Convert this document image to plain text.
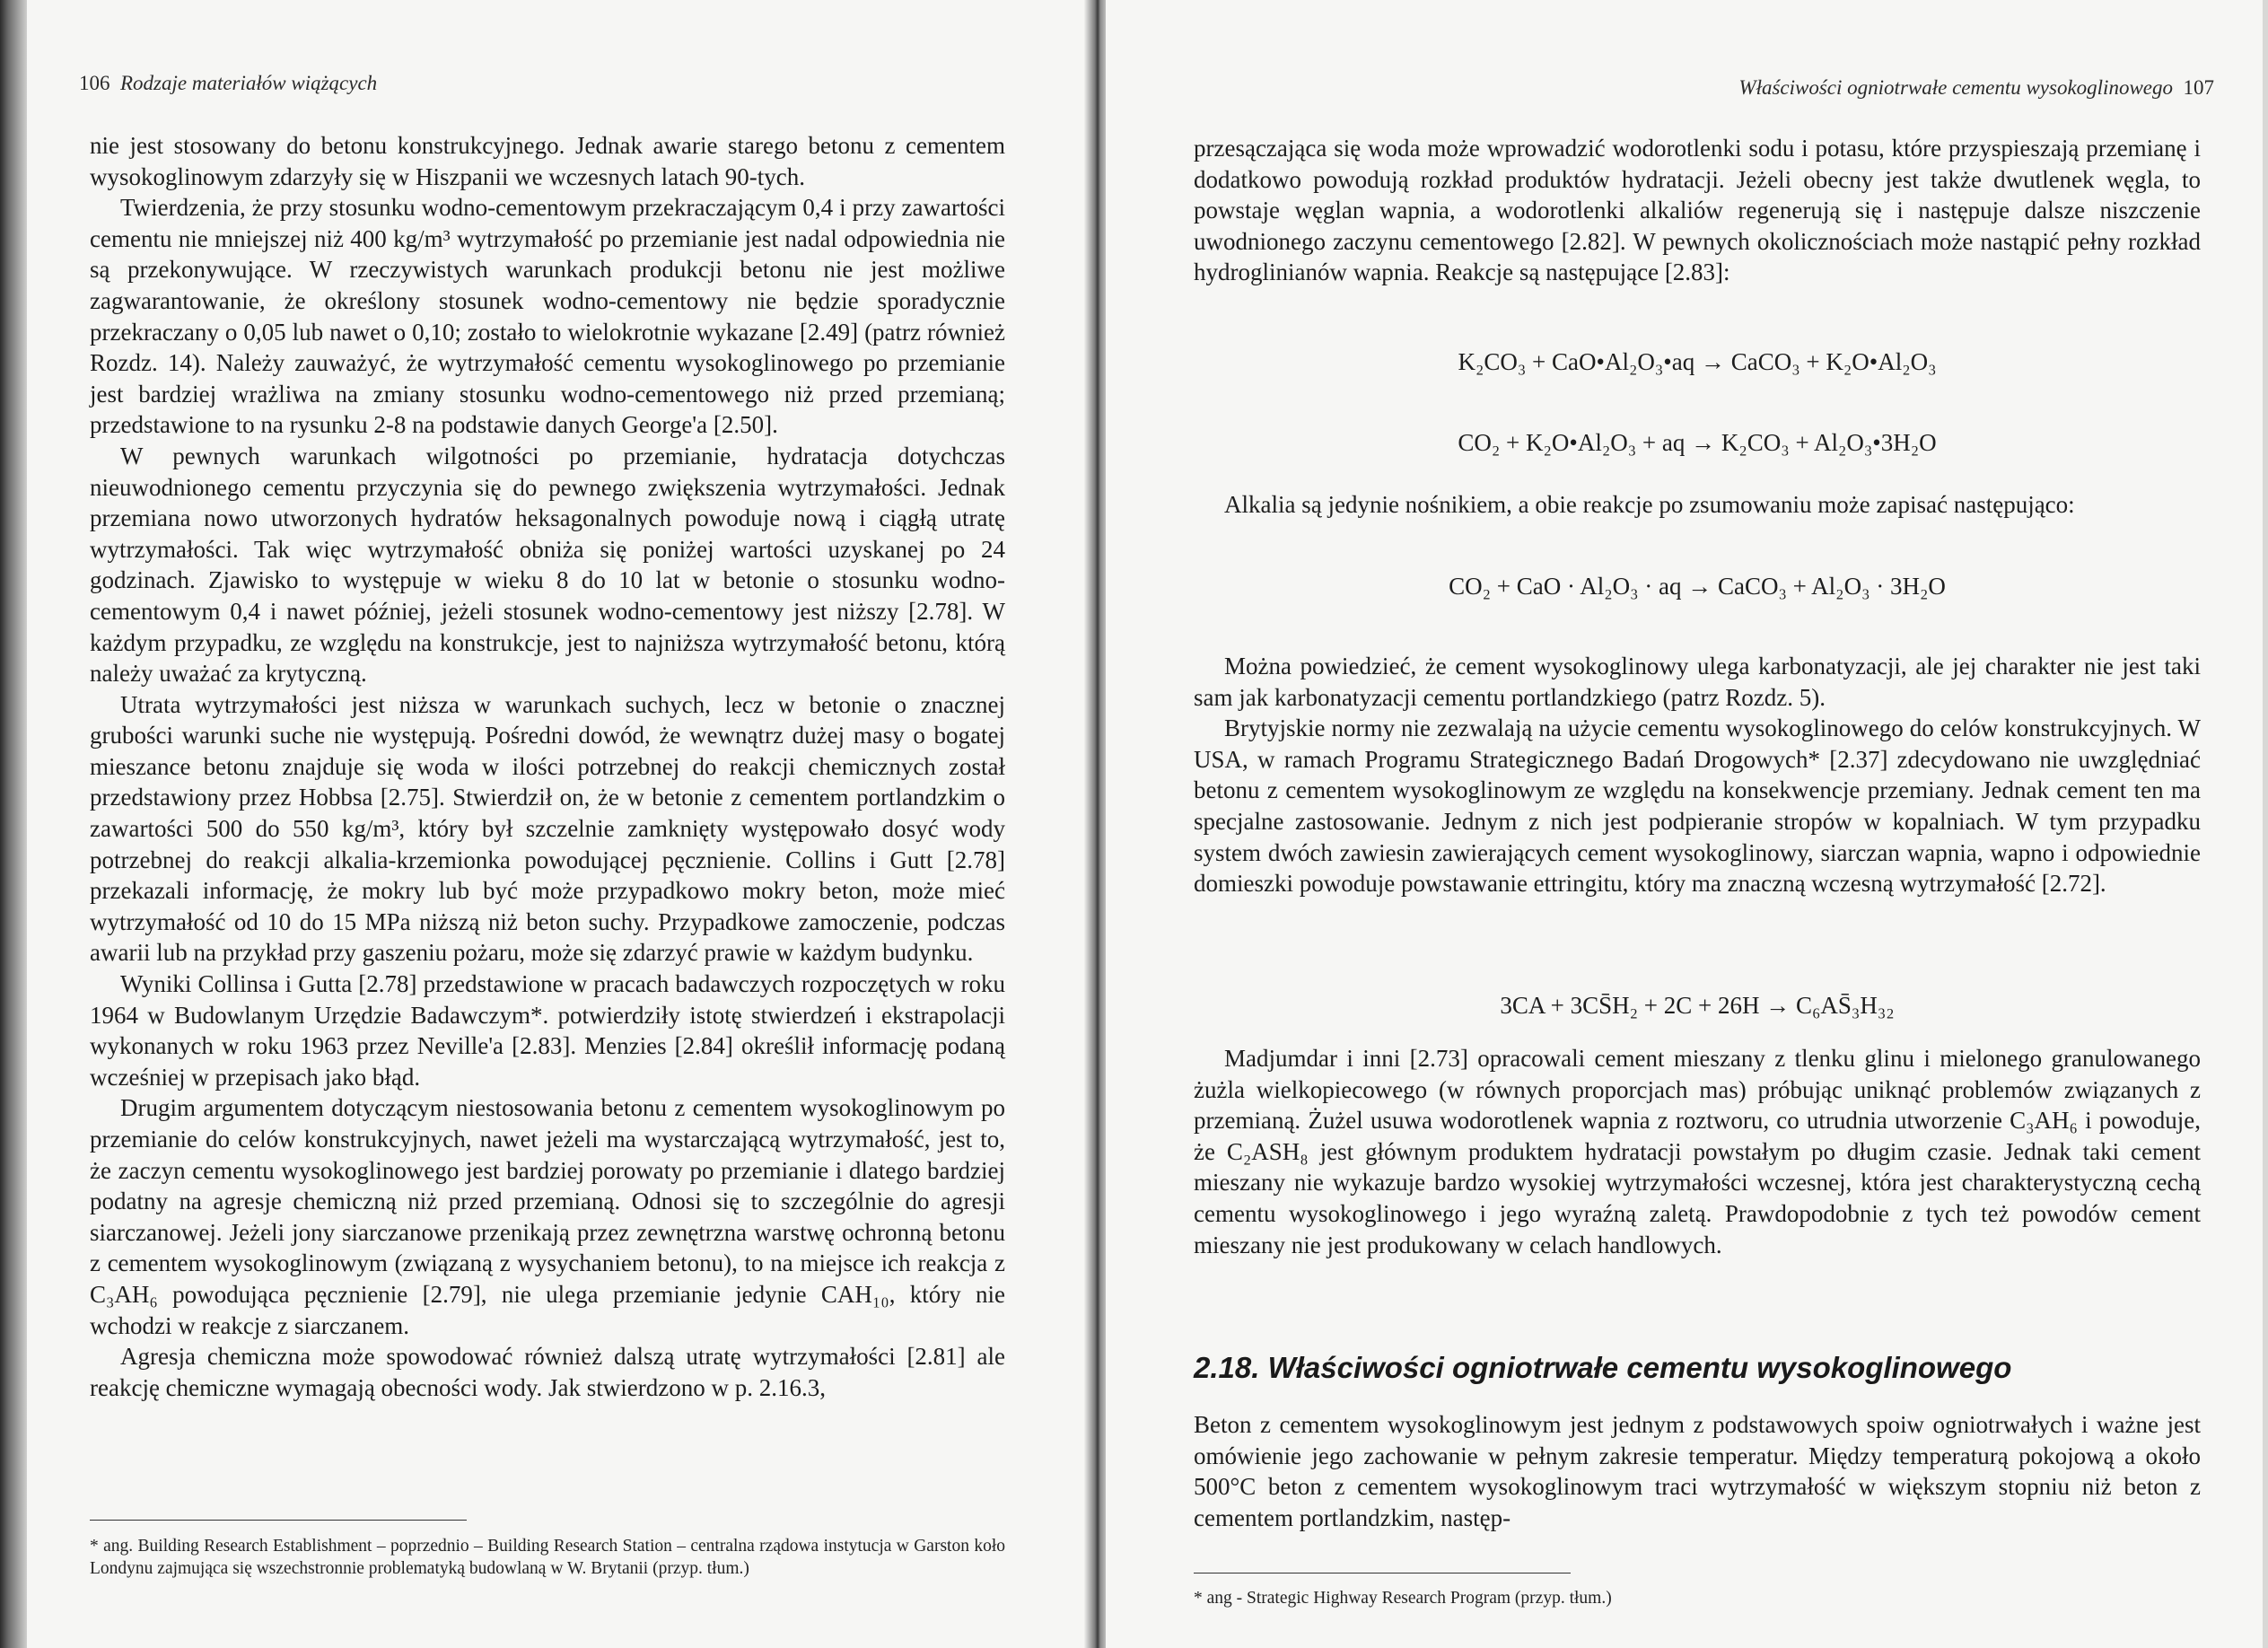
106 Rodzaje materiałów wiążących

nie jest stosowany do betonu konstrukcyjnego. Jednak awarie starego betonu z cementem wysokoglinowym zdarzyły się w Hiszpanii we wczesnych latach 90-tych.

Twierdzenia, że przy stosunku wodno-cementowym przekraczającym 0,4 i przy zawartości cementu nie mniejszej niż 400 kg/m³ wytrzymałość po przemianie jest nadal odpowiednia nie są przekonywujące. W rzeczywistych warunkach produkcji betonu nie jest możliwe zagwarantowanie, że określony stosunek wodno-cementowy nie będzie sporadycznie przekraczany o 0,05 lub nawet o 0,10; zostało to wielokrotnie wykazane [2.49] (patrz również Rozdz. 14). Należy zauważyć, że wytrzymałość cementu wysokoglinowego po przemianie jest bardziej wrażliwa na zmiany stosunku wodno-cementowego niż przed przemianą; przedstawione to na rysunku 2-8 na podstawie danych George'a [2.50].

W pewnych warunkach wilgotności po przemianie, hydratacja dotychczas nieuwodnionego cementu przyczynia się do pewnego zwiększenia wytrzymałości. Jednak przemiana nowo utworzonych hydratów heksagonalnych powoduje nową i ciągłą utratę wytrzymałości. Tak więc wytrzymałość obniża się poniżej wartości uzyskanej po 24 godzinach. Zjawisko to występuje w wieku 8 do 10 lat w betonie o stosunku wodno-cementowym 0,4 i nawet później, jeżeli stosunek wodno-cementowy jest niższy [2.78]. W każdym przypadku, ze względu na konstrukcje, jest to najniższa wytrzymałość betonu, którą należy uważać za krytyczną.

Utrata wytrzymałości jest niższa w warunkach suchych, lecz w betonie o znacznej grubości warunki suche nie występują. Pośredni dowód, że wewnątrz dużej masy o bogatej mieszance betonu znajduje się woda w ilości potrzebnej do reakcji chemicznych został przedstawiony przez Hobbsa [2.75]. Stwierdził on, że w betonie z cementem portlandzkim o zawartości 500 do 550 kg/m³, który był szczelnie zamknięty występowało dosyć wody potrzebnej do reakcji alkalia-krzemionka powodującej pęcznienie. Collins i Gutt [2.78] przekazali informację, że mokry lub być może przypadkowo mokry beton, może mieć wytrzymałość od 10 do 15 MPa niższą niż beton suchy. Przypadkowe zamoczenie, podczas awarii lub na przykład przy gaszeniu pożaru, może się zdarzyć prawie w każdym budynku.

Wyniki Collinsa i Gutta [2.78] przedstawione w pracach badawczych rozpoczętych w roku 1964 w Budowlanym Urzędzie Badawczym*. potwierdziły istotę stwierdzeń i ekstrapolacji wykonanych w roku 1963 przez Neville'a [2.83]. Menzies [2.84] określił informację podaną wcześniej w przepisach jako błąd.

Drugim argumentem dotyczącym niestosowania betonu z cementem wysokoglinowym po przemianie do celów konstrukcyjnych, nawet jeżeli ma wystarczającą wytrzymałość, jest to, że zaczyn cementu wysokoglinowego jest bardziej porowaty po przemianie i dlatego bardziej podatny na agresje chemiczną niż przed przemianą. Odnosi się to szczególnie do agresji siarczanowej. Jeżeli jony siarczanowe przenikają przez zewnętrzna warstwę ochronną betonu z cementem wysokoglinowym (związaną z wysychaniem betonu), to na miejsce ich reakcja z C₃AH₆ powodująca pęcznienie [2.79], nie ulega przemianie jedynie CAH₁₀, który nie wchodzi w reakcje z siarczanem.

Agresja chemiczna może spowodować również dalszą utratę wytrzymałości [2.81] ale reakcję chemiczne wymagają obecności wody. Jak stwierdzono w p. 2.16.3,

* ang. Building Research Establishment – poprzednio – Building Research Station – centralna rządowa instytucja w Garston koło Londynu zajmująca się wszechstronnie problematyką budowlaną w W. Brytanii (przyp. tłum.)
Właściwości ogniotrwałe cementu wysokoglinowego 107

przesączająca się woda może wprowadzić wodorotlenki sodu i potasu, które przyspieszają przemianę i dodatkowo powodują rozkład produktów hydratacji. Jeżeli obecny jest także dwutlenek węgla, to powstaje węglan wapnia, a wodorotlenki alkaliów regenerują się i następuje dalsze niszczenie uwodnionego zaczynu cementowego [2.82]. W pewnych okolicznościach może nastąpić pełny rozkład hydroglinianów wapnia. Reakcje są następujące [2.83]:

K₂CO₃ + CaO•Al₂O₃•aq → CaCO₃ + K₂O•Al₂O₃
CO₂ + K₂O•Al₂O₃ + aq → K₂CO₃ + Al₂O₃•3H₂O

Alkalia są jedynie nośnikiem, a obie reakcje po zsumowaniu może zapisać następująco:

CO₂ + CaO · Al₂O₃ · aq → CaCO₃ + Al₂O₃ · 3H₂O

Można powiedzieć, że cement wysokoglinowy ulega karbonatyzacji, ale jej charakter nie jest taki sam jak karbonatyzacji cementu portlandzkiego (patrz Rozdz. 5).

Brytyjskie normy nie zezwalają na użycie cementu wysokoglinowego do celów konstrukcyjnych. W USA, w ramach Programu Strategicznego Badań Drogowych* [2.37] zdecydowano nie uwzględniać betonu z cementem wysokoglinowym ze względu na konsekwencje przemiany. Jednak cement ten ma specjalne zastosowanie. Jednym z nich jest podpieranie stropów w kopalniach. W tym przypadku system dwóch zawiesin zawierających cement wysokoglinowy, siarczan wapnia, wapno i odpowiednie domieszki powoduje powstawanie ettringitu, który ma znaczną wczesną wytrzymałość [2.72].

3CA + 3CS̄H₂ + 2C + 26H → C₆AS̄₃H₃₂

Madjumdar i inni [2.73] opracowali cement mieszany z tlenku glinu i mielonego granulowanego żużla wielkopiecowego (w równych proporcjach mas) próbując uniknąć problemów związanych z przemianą. Żużel usuwa wodorotlenek wapnia z roztworu, co utrudnia utworzenie C₃AH₆ i powoduje, że C₂ASH₈ jest głównym produktem hydratacji powstałym po długim czasie. Jednak taki cement mieszany nie wykazuje bardzo wysokiej wytrzymałości wczesnej, która jest charakterystyczną cechą cementu wysokoglinowego i jego wyraźną zaletą. Prawdopodobnie z tych też powodów cement mieszany nie jest produkowany w celach handlowych.

2.18. Właściwości ogniotrwałe cementu wysokoglinowego

Beton z cementem wysokoglinowym jest jednym z podstawowych spoiw ogniotrwałych i ważne jest omówienie jego zachowanie w pełnym zakresie temperatur. Między temperaturą pokojową a około 500°C beton z cementem wysokoglinowym traci wytrzymałość w większym stopniu niż beton z cementem portlandzkim, następ-

* ang - Strategic Highway Research Program (przyp. tłum.)
